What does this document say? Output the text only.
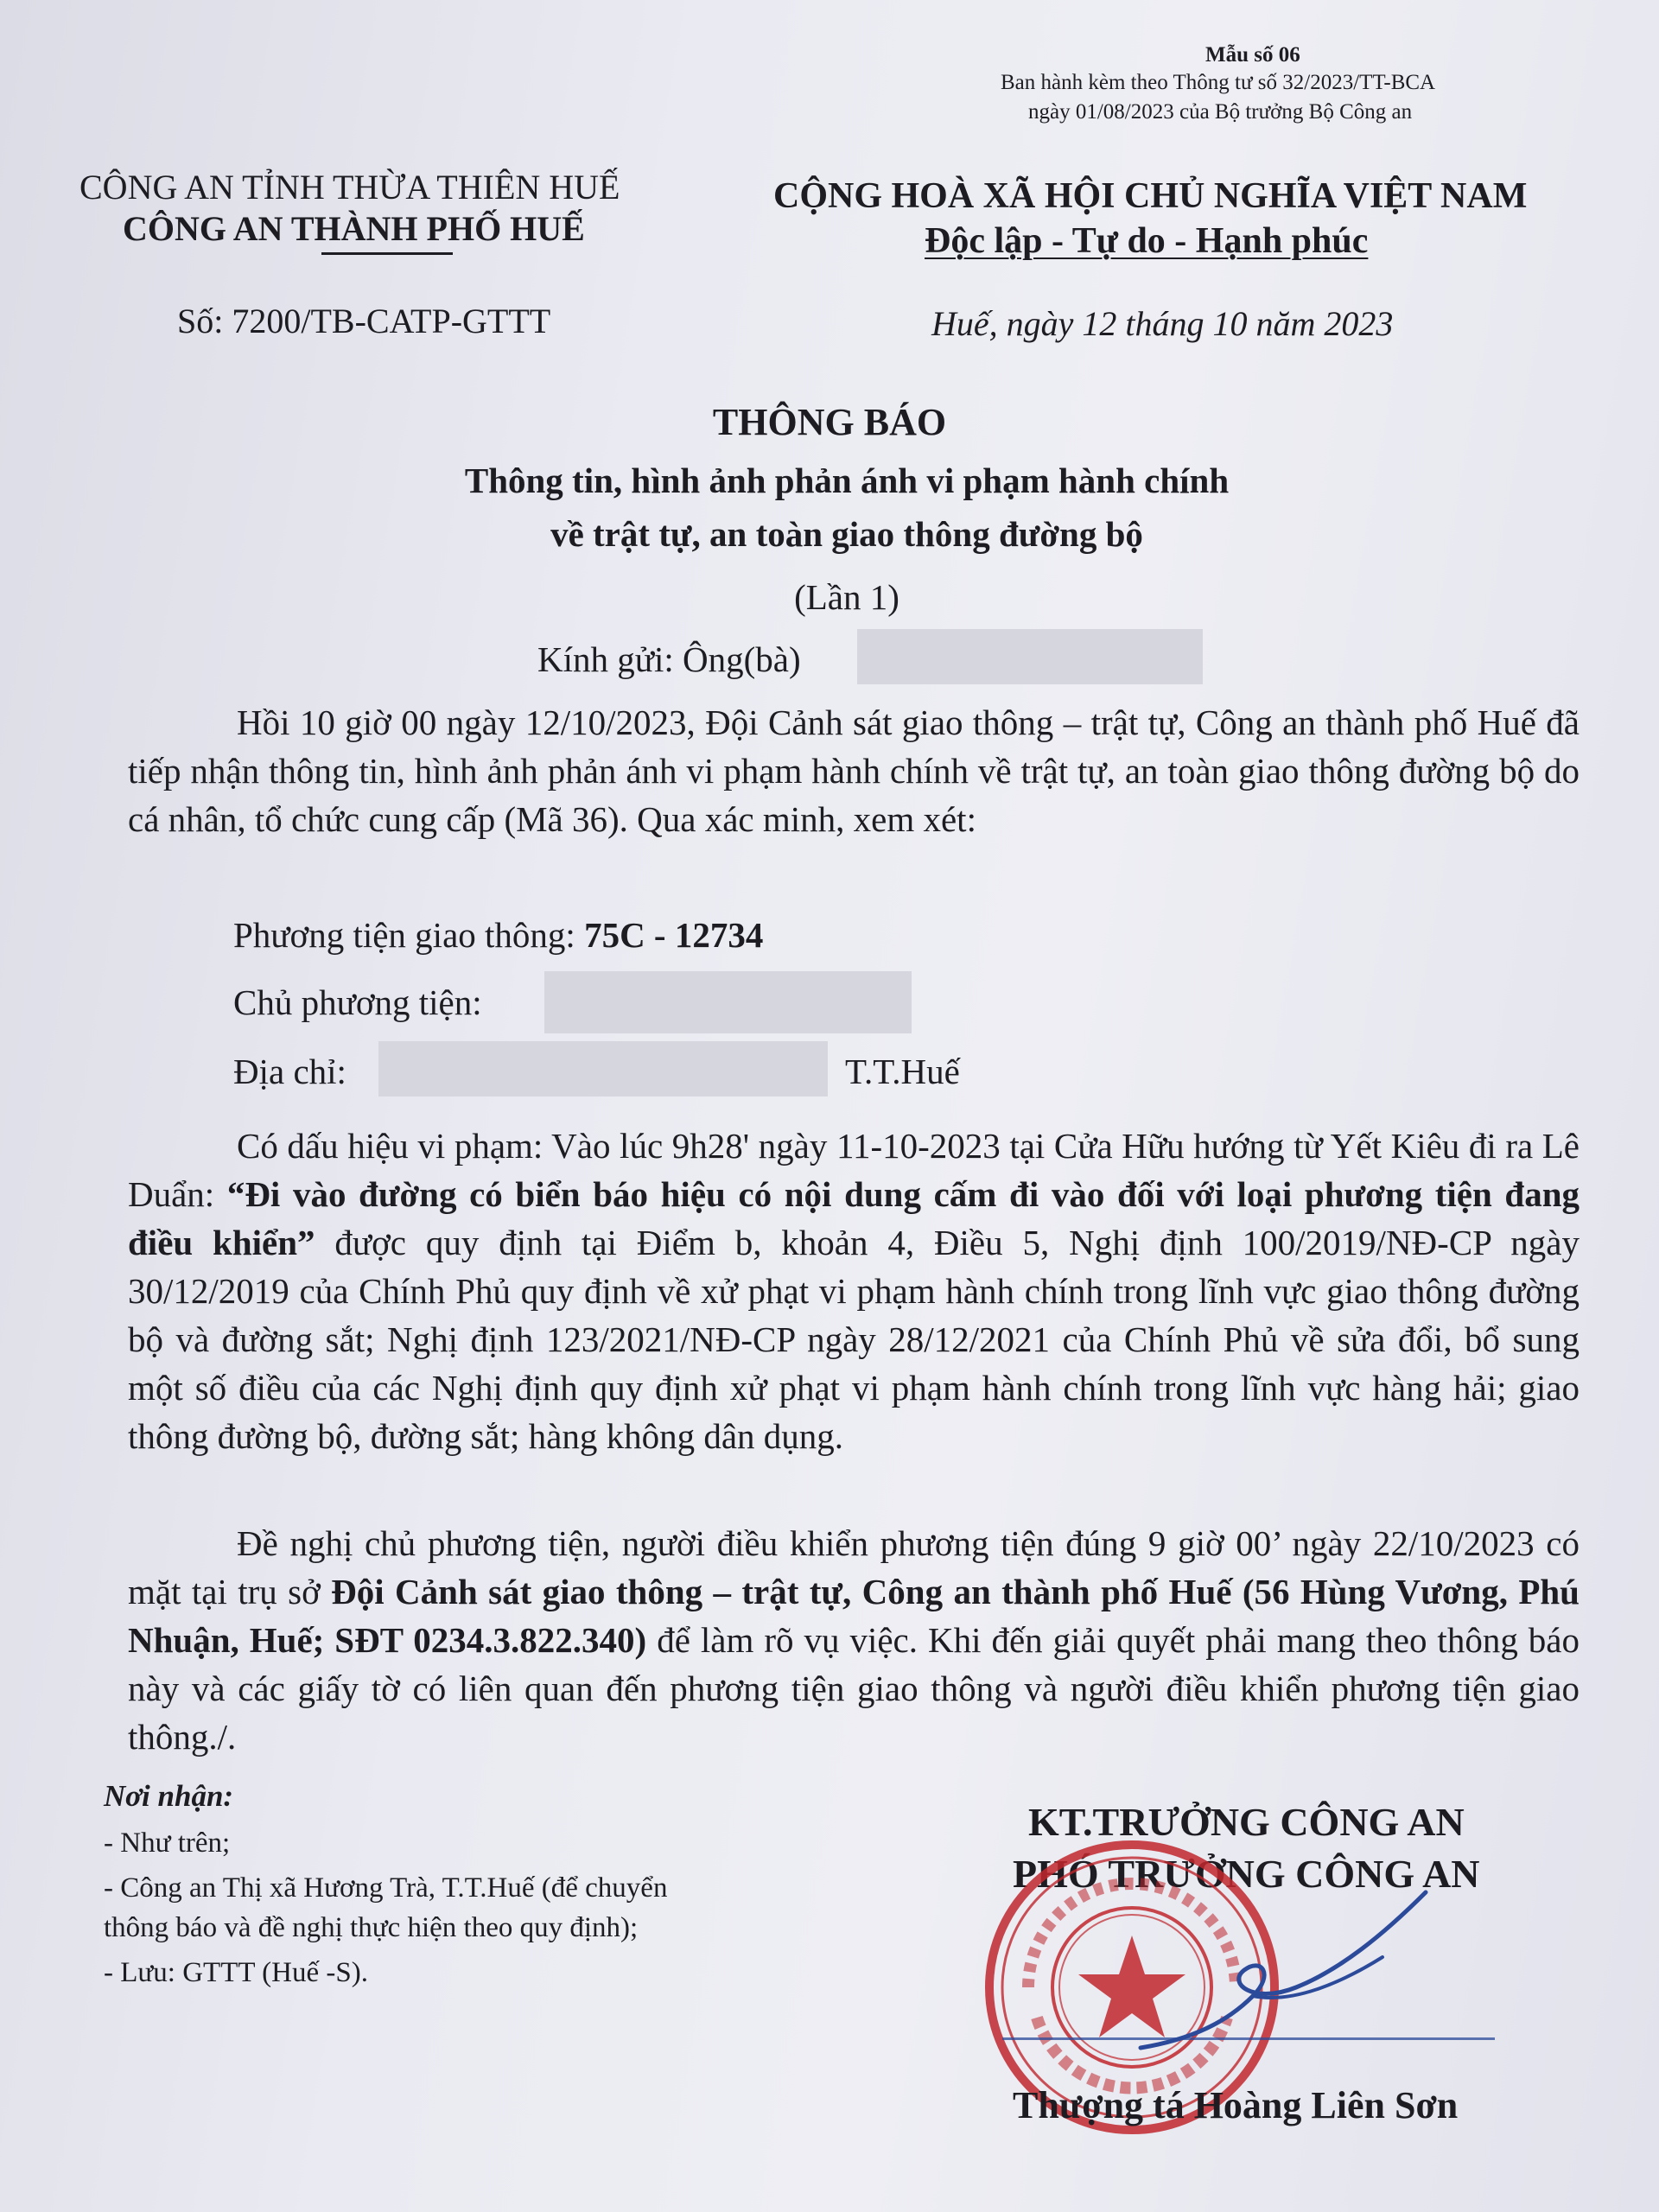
Mẫu số 06
Ban hành kèm theo Thông tư số 32/2023/TT-BCA
ngày 01/08/2023 của Bộ trưởng Bộ Công an
CÔNG AN TỈNH THỪA THIÊN HUẾ
CÔNG AN THÀNH PHỐ HUẾ
Số: 7200/TB-CATP-GTTT
CỘNG HOÀ XÃ HỘI CHỦ NGHĨA VIỆT NAM
Độc lập - Tự do - Hạnh phúc
Huế, ngày 12 tháng 10 năm 2023
THÔNG BÁO
Thông tin, hình ảnh phản ánh vi phạm hành chính
về trật tự, an toàn giao thông đường bộ
(Lần 1)
Kính gửi: Ông(bà)
Hồi 10 giờ 00 ngày 12/10/2023, Đội Cảnh sát giao thông – trật tự, Công an thành phố Huế đã tiếp nhận thông tin, hình ảnh phản ánh vi phạm hành chính về trật tự, an toàn giao thông đường bộ do cá nhân, tổ chức cung cấp (Mã 36). Qua xác minh, xem xét:
Phương tiện giao thông: 75C - 12734
Chủ phương tiện:
Địa chỉ:	T.T.Huế
Có dấu hiệu vi phạm: Vào lúc 9h28' ngày 11-10-2023 tại Cửa Hữu hướng từ Yết Kiêu đi ra Lê Duẩn: “Đi vào đường có biển báo hiệu có nội dung cấm đi vào đối với loại phương tiện đang điều khiển” được quy định tại Điểm b, khoản 4, Điều 5, Nghị định 100/2019/NĐ-CP ngày 30/12/2019 của Chính Phủ quy định về xử phạt vi phạm hành chính trong lĩnh vực giao thông đường bộ và đường sắt; Nghị định 123/2021/NĐ-CP ngày 28/12/2021 của Chính Phủ về sửa đổi, bổ sung một số điều của các Nghị định quy định xử phạt vi phạm hành chính trong lĩnh vực hàng hải; giao thông đường bộ, đường sắt; hàng không dân dụng.
Đề nghị chủ phương tiện, người điều khiển phương tiện đúng 9 giờ 00’ ngày 22/10/2023 có mặt tại trụ sở Đội Cảnh sát giao thông – trật tự, Công an thành phố Huế (56 Hùng Vương, Phú Nhuận, Huế; SĐT 0234.3.822.340) để làm rõ vụ việc. Khi đến giải quyết phải mang theo thông báo này và các giấy tờ có liên quan đến phương tiện giao thông và người điều khiển phương tiện giao thông./.
Nơi nhận:
- Như trên;
- Công an Thị xã Hương Trà, T.T.Huế (để chuyển
thông báo và đề nghị thực hiện theo quy định);
- Lưu: GTTT (Huế -S).
KT.TRƯỞNG CÔNG AN
PHÓ TRƯỞNG CÔNG AN
Thượng tá Hoàng Liên Sơn
